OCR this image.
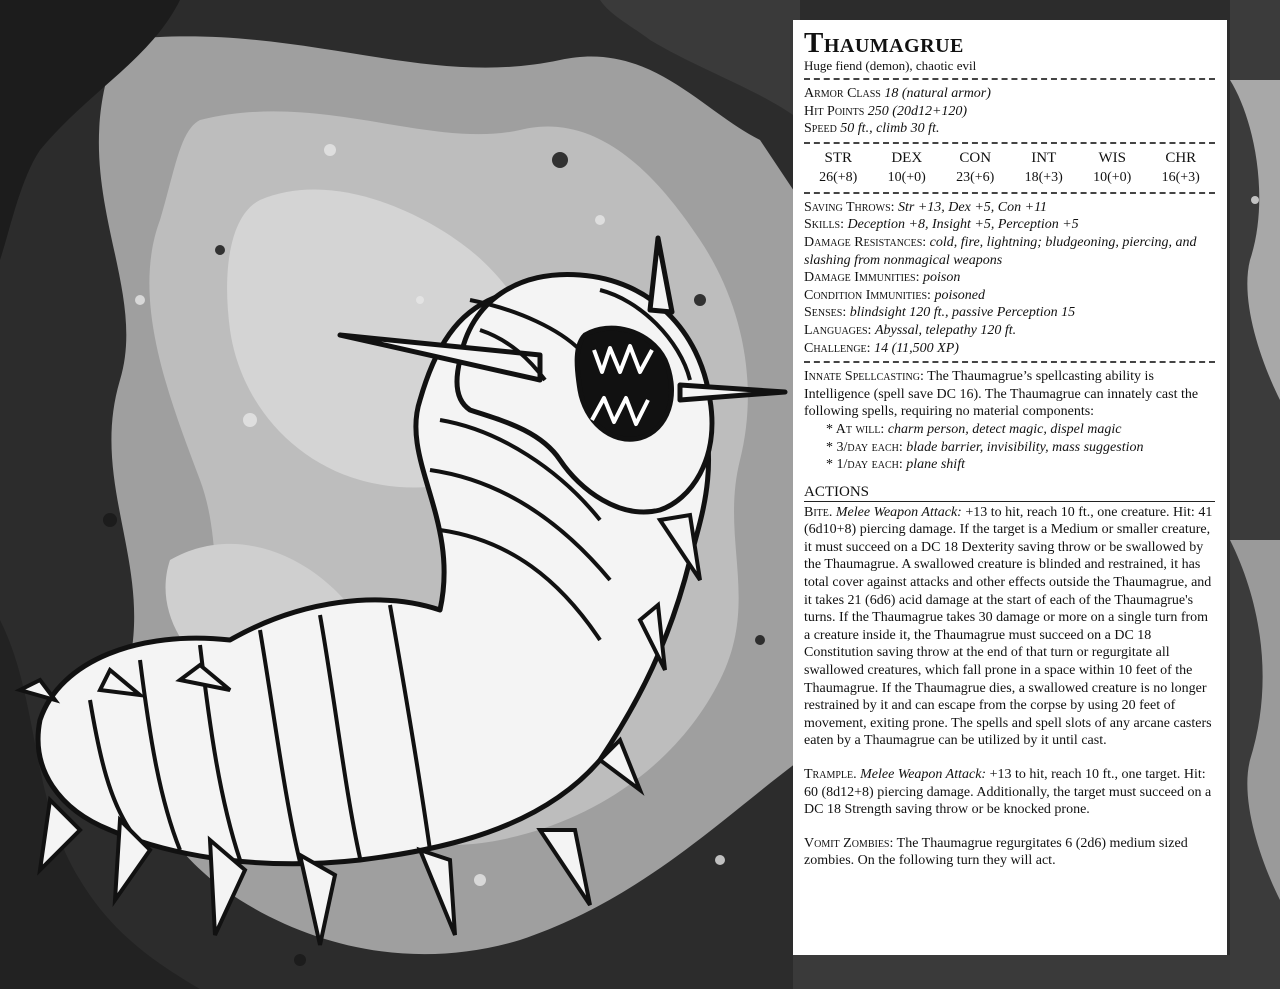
Thaumagrue
Huge fiend (demon), chaotic evil
Armor Class 18 (natural armor)
Hit Points 250 (20d12+120)
Speed 50 ft., climb 30 ft.
STR	DEX	CON	INT	WIS	CHR
26(+8)	10(+0)	23(+6)	18(+3)	10(+0)	16(+3)
Saving Throws: Str +13, Dex +5, Con +11
Skills: Deception +8, Insight +5, Perception +5
Damage Resistances: cold, fire, lightning; bludgeoning, piercing, and slashing from nonmagical weapons
Damage Immunities: poison
Condition Immunities: poisoned
Senses: blindsight 120 ft., passive Perception 15
Languages: Abyssal, telepathy 120 ft.
Challenge: 14 (11,500 XP)
Innate Spellcasting: The Thaumagrue’s spellcasting ability is Intelligence (spell save DC 16). The Thaumagrue can innately cast the following spells, requiring no material components:
* At will: charm person, detect magic, dispel magic
* 3/day each: blade barrier, invisibility, mass suggestion
* 1/day each: plane shift
ACTIONS
Bite. Melee Weapon Attack: +13 to hit, reach 10 ft., one creature. Hit: 41 (6d10+8) piercing damage. If the target is a Medium or smaller creature, it must succeed on a DC 18 Dexterity saving throw or be swallowed by the Thaumagrue. A swallowed creature is blinded and restrained, it has total cover against attacks and other effects outside the Thaumagrue, and it takes 21 (6d6) acid damage at the start of each of the Thaumagrue's turns. If the Thaumagrue takes 30 damage or more on a single turn from a creature inside it, the Thaumagrue must succeed on a DC 18 Constitution saving throw at the end of that turn or regurgitate all swallowed creatures, which fall prone in a space within 10 feet of the Thaumagrue. If the Thaumagrue dies, a swallowed creature is no longer restrained by it and can escape from the corpse by using 20 feet of movement, exiting prone. The spells and spell slots of any arcane casters eaten by a Thaumagrue can be utilized by it until cast.
Trample. Melee Weapon Attack: +13 to hit, reach 10 ft., one target. Hit: 60 (8d12+8) piercing damage. Additionally, the target must succeed on a DC 18 Strength saving throw or be knocked prone.
Vomit Zombies: The Thaumagrue regurgitates 6 (2d6) medium sized zombies. On the following turn they will act.
